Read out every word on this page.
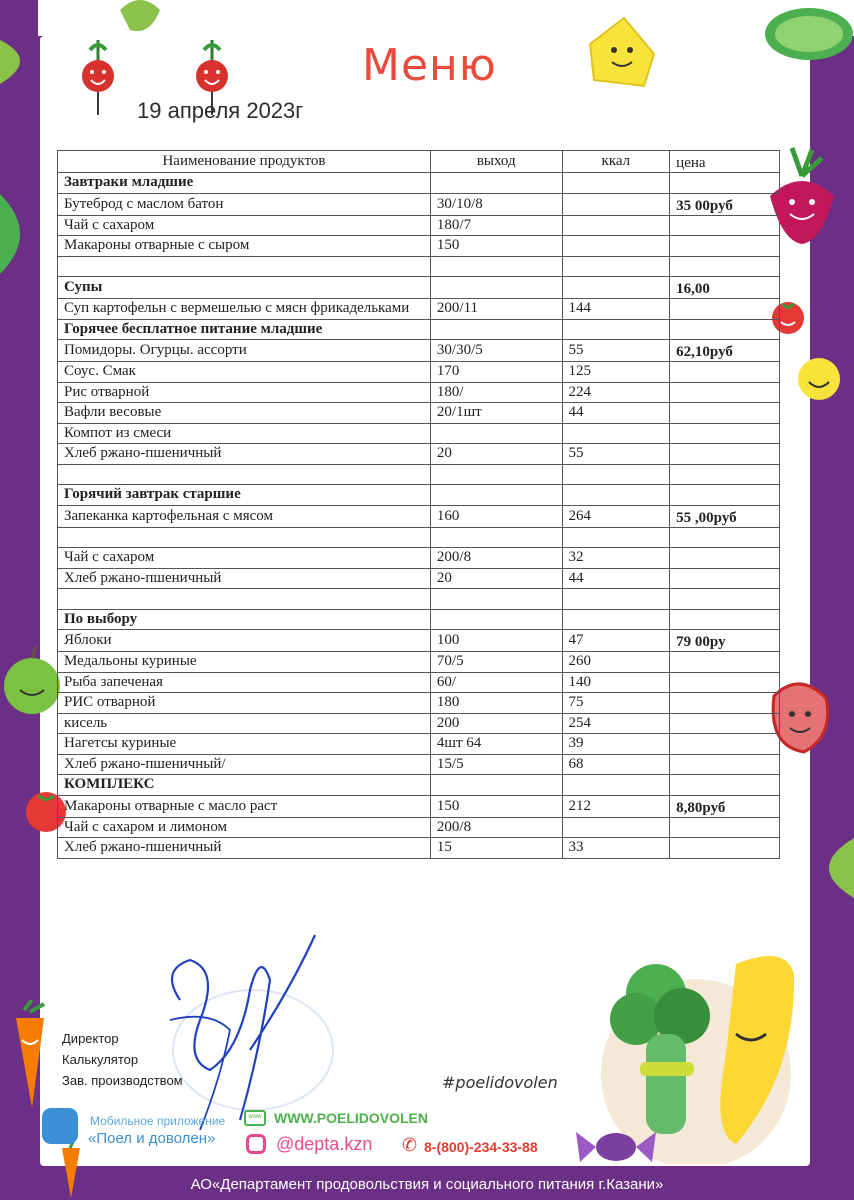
Меню
19 апреля 2023г
Наименование продуктов	выход	ккал	цена
Завтраки младшие			
Бутеброд с маслом батон	30/10/8		35 00руб
Чай с сахаром	180/7		
Макароны отварные с сыром	150		

Супы			16,00
Суп картофельн с вермешелью с мясн фрикадельками	200/11	144	
Горячее бесплатное питание младшие			
Помидоры. Огурцы. ассорти	30/30/5	55	62,10руб
Соус. Смак	170	125	
Рис отварной	180/	224	
Вафли весовые	20/1шт	44	
Компот из смеси			
Хлеб ржано-пшеничный	20	55	

Горячий завтрак старшие			
Запеканка картофельная с мясом	160	264	55 ,00руб

Чай с сахаром	200/8	32	
Хлеб ржано-пшеничный	20	44	

По выбору			
Яблоки	100	47	79 00ру
Медальоны куриные	70/5	260	
Рыба запеченая	60/	140	
РИС отварной	180	75	
кисель	200	254	
Нагетсы куриные	4шт 64	39	
Хлеб ржано-пшеничный/	15/5	68	
КОМПЛЕКС			
Макароны отварные с масло раст	150	212	8,80руб
Чай с сахаром и лимоном	200/8		
Хлеб ржано-пшеничный	15	33	
Директор
Калькулятор
Зав. производством
Мобильное приложение
«Поел и доволен»
www WWW.POELIDOVOLEN
@depta.kzn ✆ 8-(800)-234-33-88
#poelidovolen
АО«Департамент продовольствия и социального питания г.Казани»
